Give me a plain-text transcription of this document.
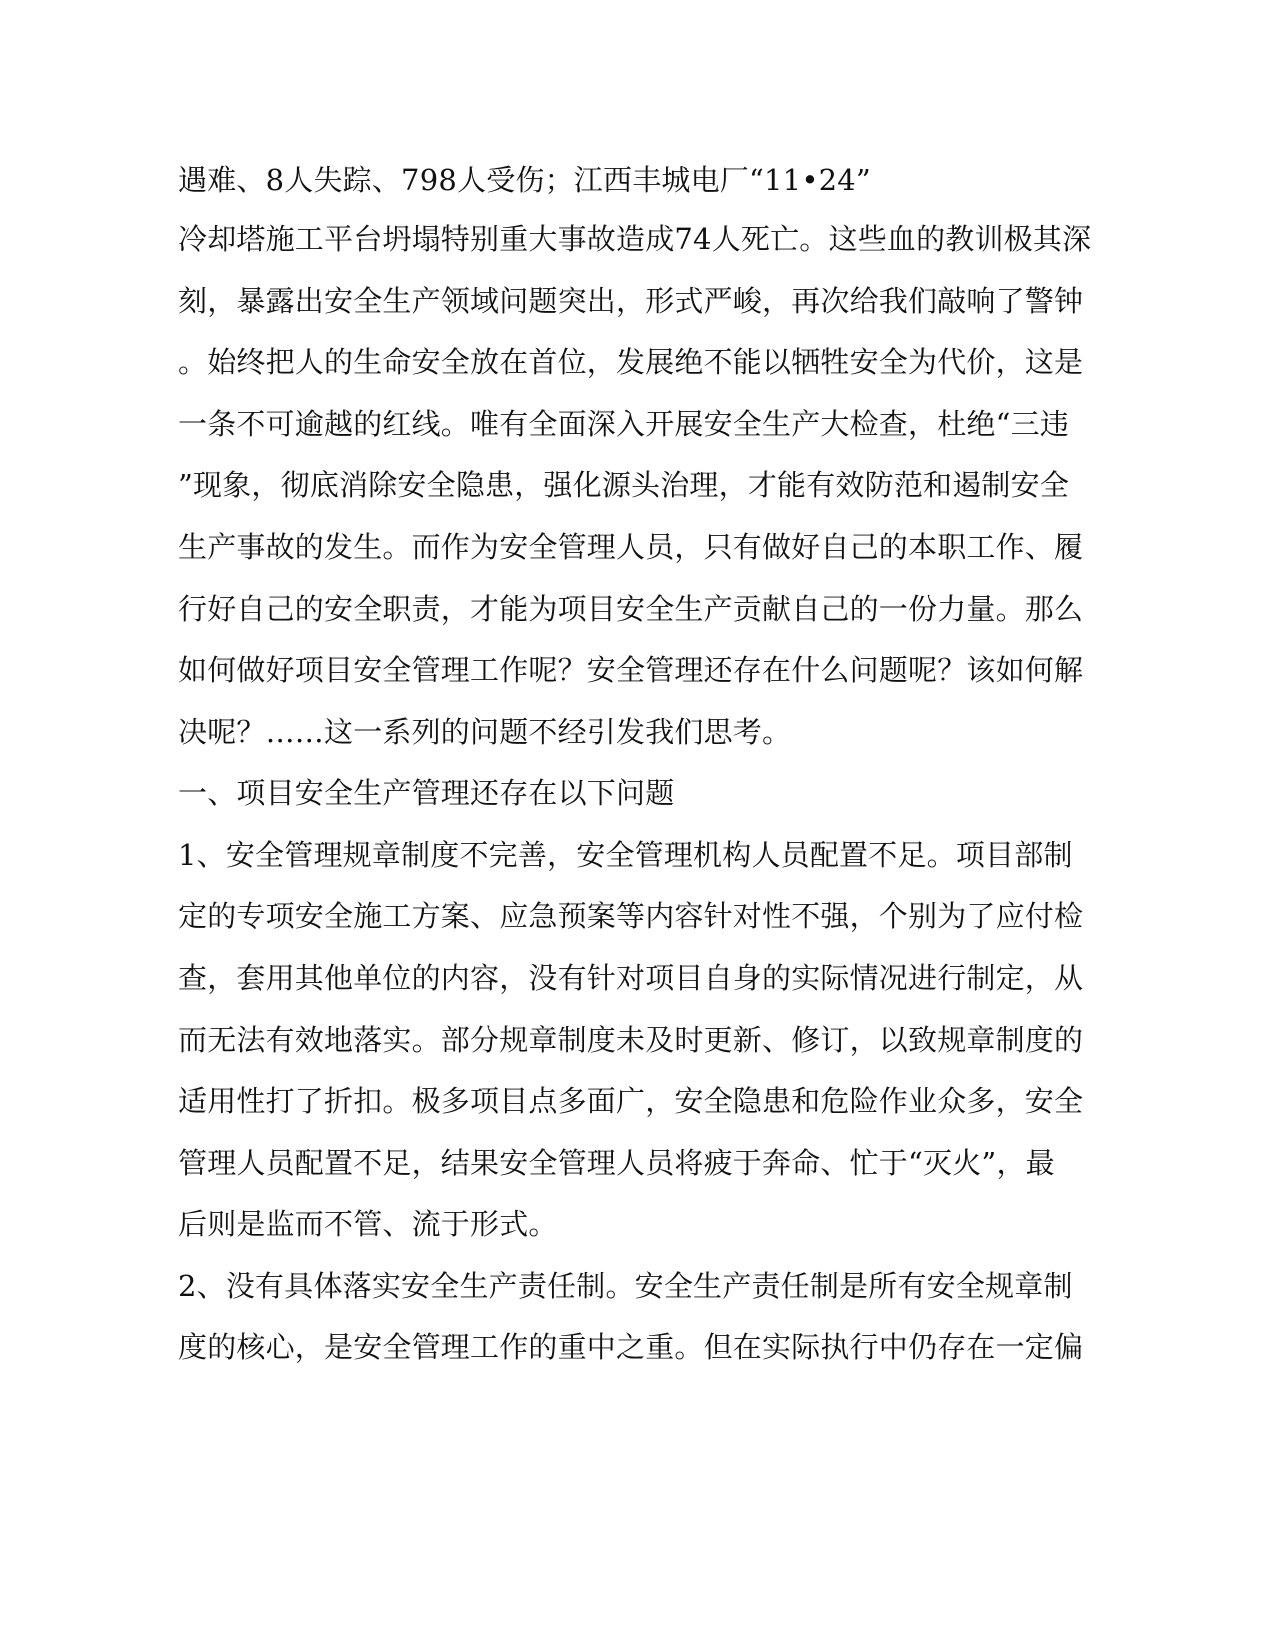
遇难、8人失踪、798人受伤；江西丰城电厂“11•24”
冷却塔施工平台坍塌特别重大事故造成74人死亡。这些血的教训极其深
刻，暴露出安全生产领域问题突出，形式严峻，再次给我们敲响了警钟
。始终把人的生命安全放在首位，发展绝不能以牺牲安全为代价，这是
一条不可逾越的红线。唯有全面深入开展安全生产大检查，杜绝“三违
”现象，彻底消除安全隐患，强化源头治理，才能有效防范和遏制安全
生产事故的发生。而作为安全管理人员，只有做好自己的本职工作、履
行好自己的安全职责，才能为项目安全生产贡献自己的一份力量。那么
如何做好项目安全管理工作呢？安全管理还存在什么问题呢？该如何解
决呢？……这一系列的问题不经引发我们思考。
一、项目安全生产管理还存在以下问题
1、安全管理规章制度不完善，安全管理机构人员配置不足。项目部制
定的专项安全施工方案、应急预案等内容针对性不强，个别为了应付检
查，套用其他单位的内容，没有针对项目自身的实际情况进行制定，从
而无法有效地落实。部分规章制度未及时更新、修订，以致规章制度的
适用性打了折扣。极多项目点多面广，安全隐患和危险作业众多，安全
管理人员配置不足，结果安全管理人员将疲于奔命、忙于“灭火”，最
后则是监而不管、流于形式。
2、没有具体落实安全生产责任制。安全生产责任制是所有安全规章制
度的核心，是安全管理工作的重中之重。但在实际执行中仍存在一定偏
